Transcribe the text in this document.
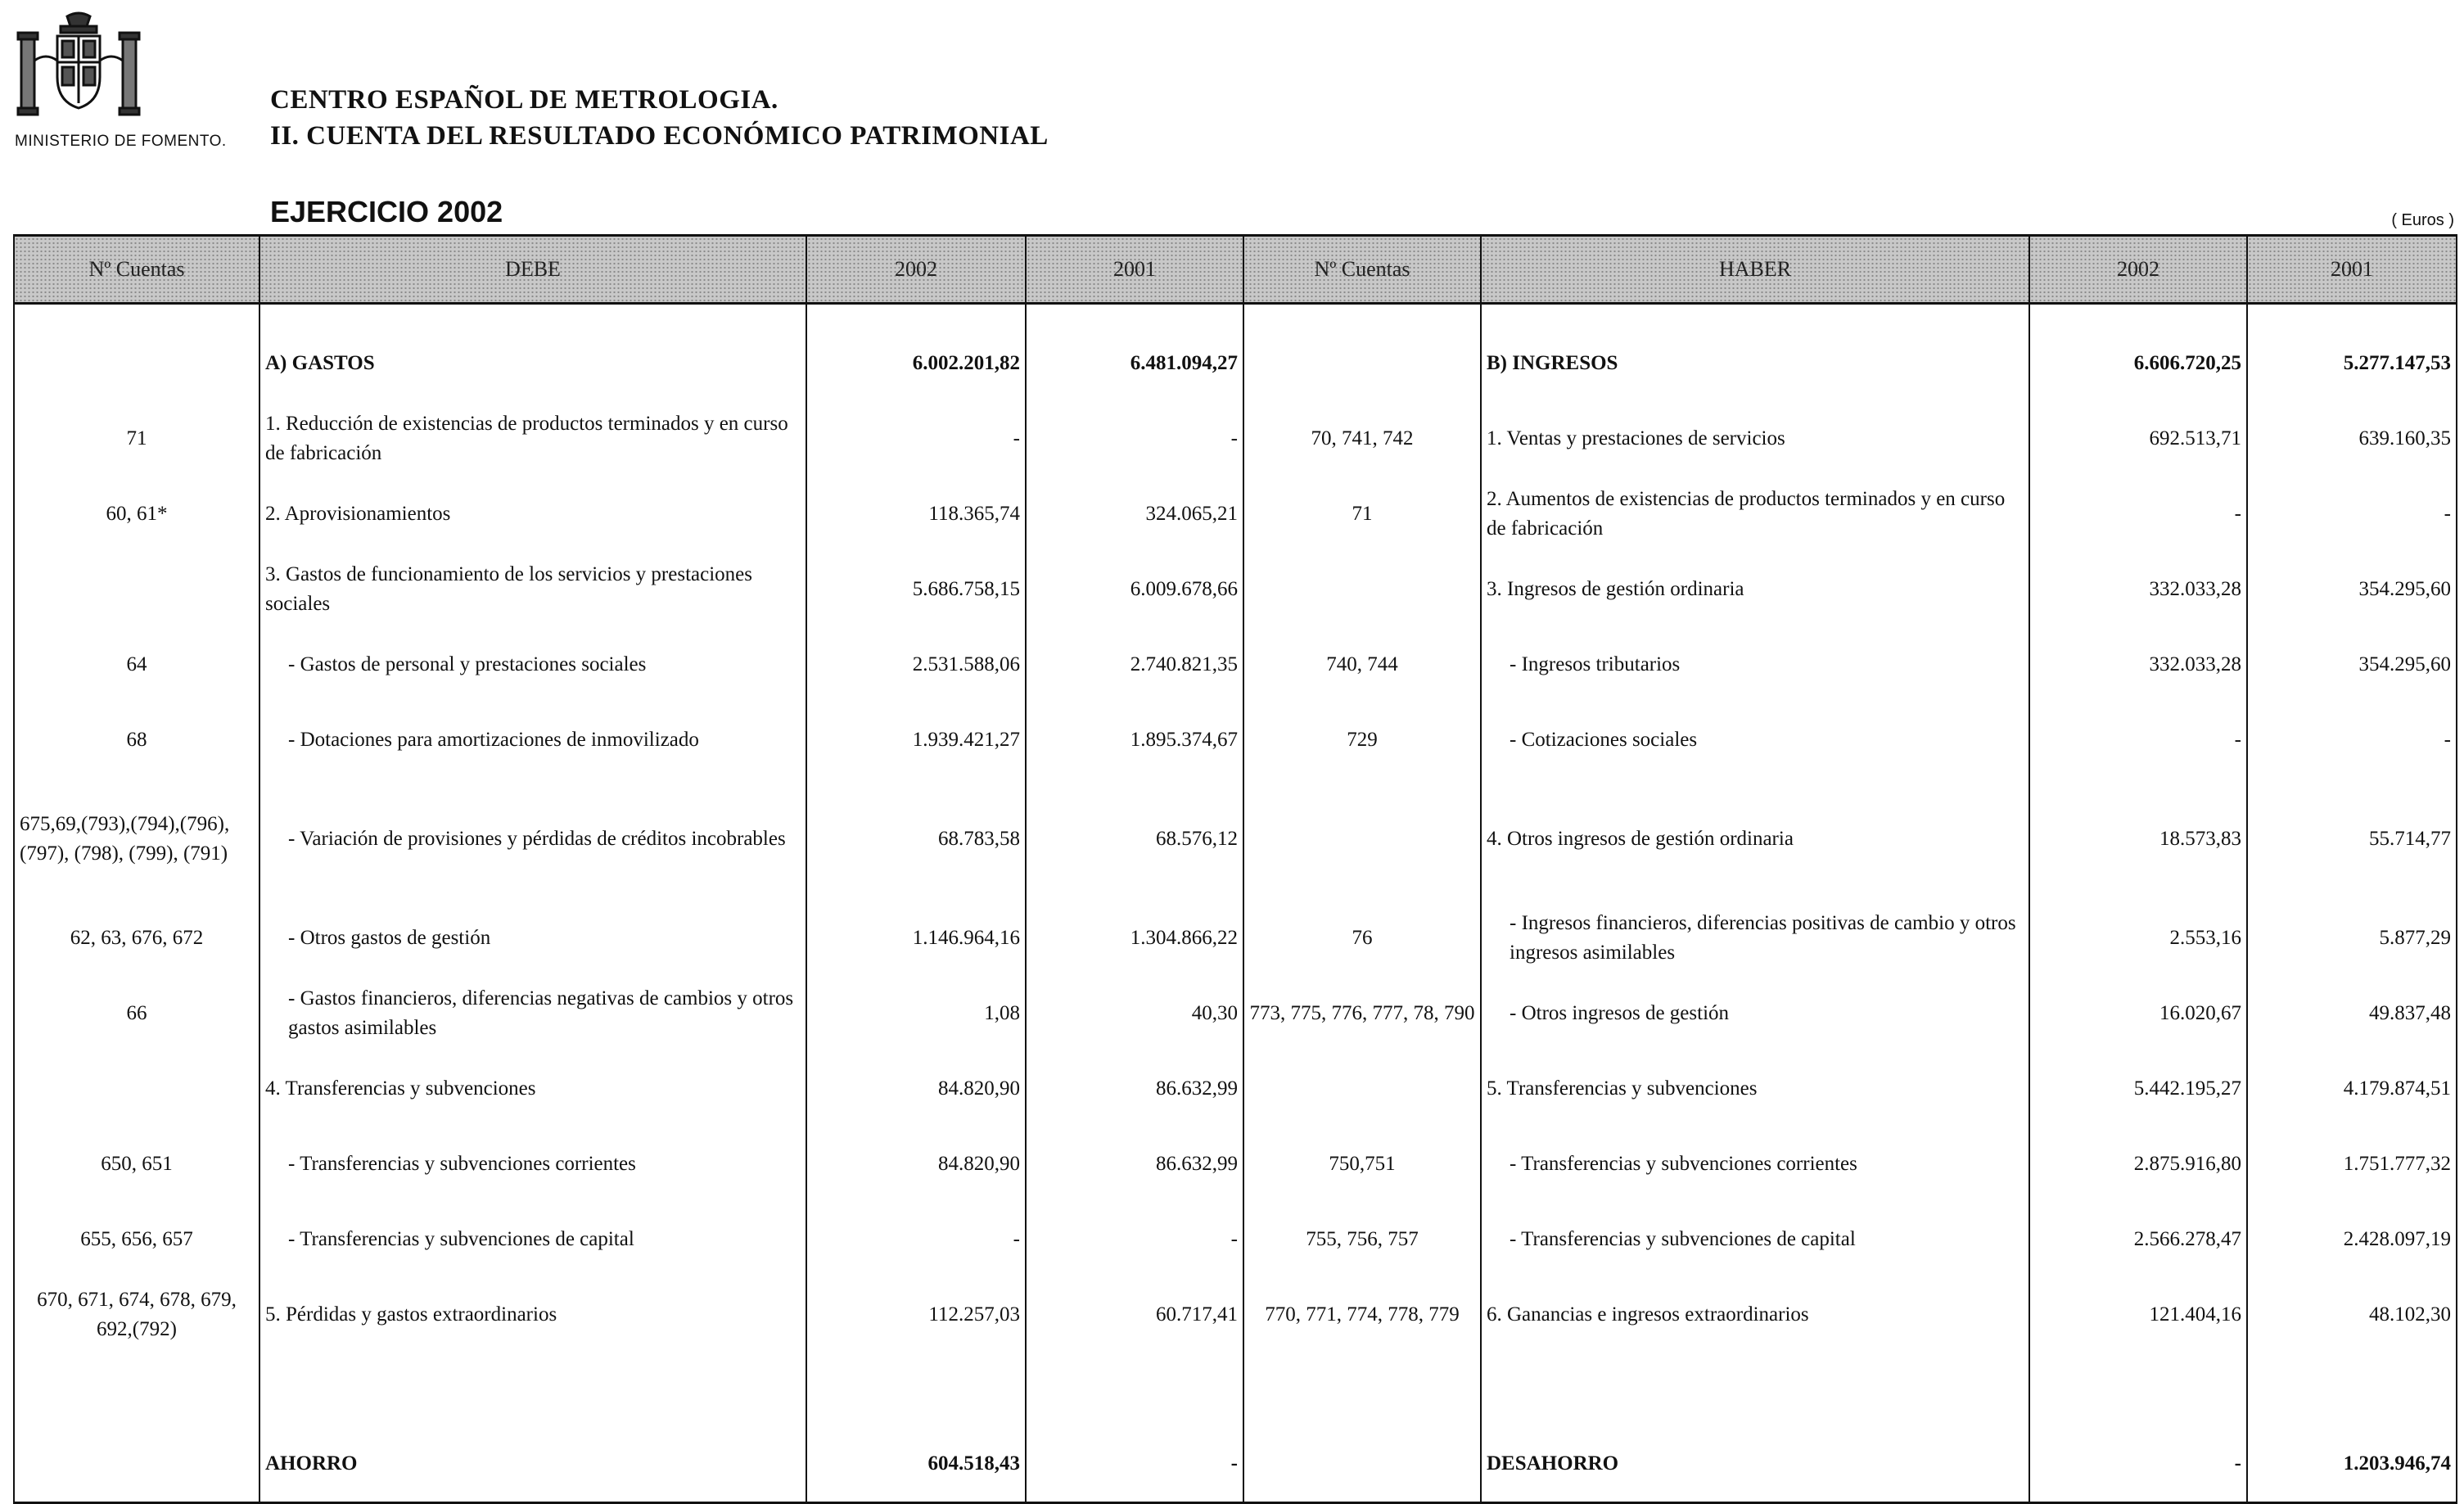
MINISTERIO DE FOMENTO.
CENTRO ESPAÑOL DE METROLOGIA.
II. CUENTA DEL RESULTADO ECONÓMICO PATRIMONIAL
EJERCICIO 2002	( Euros )
Nº Cuentas	DEBE	2002	2001	Nº Cuentas	HABER	2002	2001

	A) GASTOS	6.002.201,82	6.481.094,27		B) INGRESOS	6.606.720,25	5.277.147,53
71	1. Reducción de existencias de productos terminados y en curso de fabricación	-	-	70, 741, 742	1. Ventas y prestaciones de servicios	692.513,71	639.160,35
60, 61*	2. Aprovisionamientos	118.365,74	324.065,21	71	2. Aumentos de existencias de productos terminados y en curso de fabricación	-	-
	3. Gastos de funcionamiento de los servicios y prestaciones sociales	5.686.758,15	6.009.678,66		3. Ingresos de gestión ordinaria	332.033,28	354.295,60
64	- Gastos de personal y prestaciones sociales	2.531.588,06	2.740.821,35	740, 744	- Ingresos tributarios	332.033,28	354.295,60
68	- Dotaciones para amortizaciones de inmovilizado	1.939.421,27	1.895.374,67	729	- Cotizaciones sociales	-	-
675,69,(793),(794),(796), (797), (798), (799), (791)	- Variación de provisiones y pérdidas de créditos incobrables	68.783,58	68.576,12		4. Otros ingresos de gestión ordinaria	18.573,83	55.714,77
62, 63, 676, 672	- Otros gastos de gestión	1.146.964,16	1.304.866,22	76	- Ingresos financieros, diferencias positivas de cambio y otros ingresos asimilables	2.553,16	5.877,29
66	- Gastos financieros, diferencias negativas de cambios y otros gastos asimilables	1,08	40,30	773, 775, 776, 777, 78, 790	- Otros ingresos de gestión	16.020,67	49.837,48
	4. Transferencias y subvenciones	84.820,90	86.632,99		5. Transferencias y subvenciones	5.442.195,27	4.179.874,51
650, 651	- Transferencias y subvenciones corrientes	84.820,90	86.632,99	750,751	- Transferencias y subvenciones corrientes	2.875.916,80	1.751.777,32
655, 656, 657	- Transferencias y subvenciones de capital	-	-	755, 756, 757	- Transferencias y subvenciones de capital	2.566.278,47	2.428.097,19
670, 671, 674, 678, 679, 692,(792)	5. Pérdidas y gastos extraordinarios	112.257,03	60.717,41	770, 771, 774, 778, 779	6. Ganancias e ingresos extraordinarios	121.404,16	48.102,30

	AHORRO	604.518,43	-		DESAHORRO	-	1.203.946,74
